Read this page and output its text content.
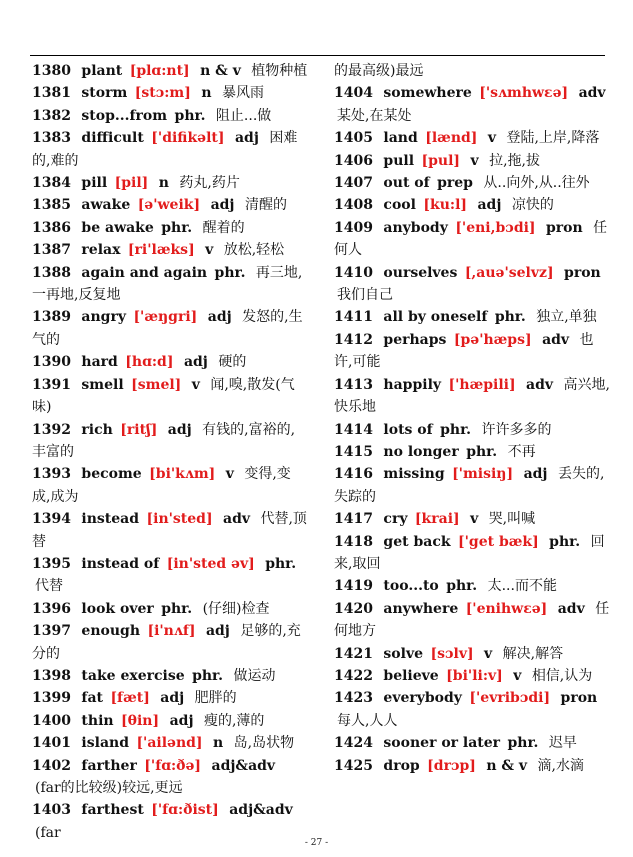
1380 plant [plɑ:nt] n & v 植物种植

1381 storm [stɔ:m] n 暴风雨

1382 stop...from phr. 阻止...做

1383 difficult ['difikəlt] adj 困难的,难的

1384 pill [pil] n 药丸,药片

1385 awake [ə'weik] adj 清醒的

1386 be awake phr. 醒着的

1387 relax [ri'læks] v 放松,轻松

1388 again and again phr. 再三地,一再地,反复地

1389 angry ['æŋgri] adj 发怒的,生气的

1390 hard [hɑ:d] adj 硬的

1391 smell [smel] v 闻,嗅,散发(气味)

1392 rich [ritʃ] adj 有钱的,富裕的,丰富的

1393 become [bi'kʌm] v 变得,变成,成为

1394 instead [in'sted] adv 代替,顶替

1395 instead of [in'sted əv] phr. 代替

1396 look over phr. (仔细)检查

1397 enough [i'nʌf] adj 足够的,充分的

1398 take exercise phr. 做运动

1399 fat [fæt] adj 肥胖的

1400 thin [θin] adj 瘦的,薄的

1401 island ['ailənd] n 岛,岛状物

1402 farther ['fɑ:ðə] adj&adv (far的比较级)较远,更远

1403 farthest ['fɑ:ðist] adj&adv (far

的最高级)最远

1404 somewhere ['sʌmhwɛə] adv 某处,在某处

1405 land [lænd] v 登陆,上岸,降落

1406 pull [pul] v 拉,拖,拔

1407 out of prep 从..向外,从..往外

1408 cool [ku:l] adj 凉快的

1409 anybody ['eni,bɔdi] pron 任何人

1410 ourselves [,auə'selvz] pron 我们自己

1411 all by oneself phr. 独立,单独

1412 perhaps [pə'hæps] adv 也许,可能

1413 happily ['hæpili] adv 高兴地,快乐地

1414 lots of phr. 许许多多的

1415 no longer phr. 不再

1416 missing ['misiŋ] adj 丢失的,失踪的

1417 cry [krai] v 哭,叫喊

1418 get back ['get bæk] phr. 回来,取回

1419 too...to phr. 太...而不能

1420 anywhere ['enihwɛə] adv 任何地方

1421 solve [sɔlv] v 解决,解答

1422 believe [bi'li:v] v 相信,认为

1423 everybody ['evribɔdi] pron 每人,人人

1424 sooner or later phr. 迟早

1425 drop [drɔp] n & v 滴,水滴

- 27 -
